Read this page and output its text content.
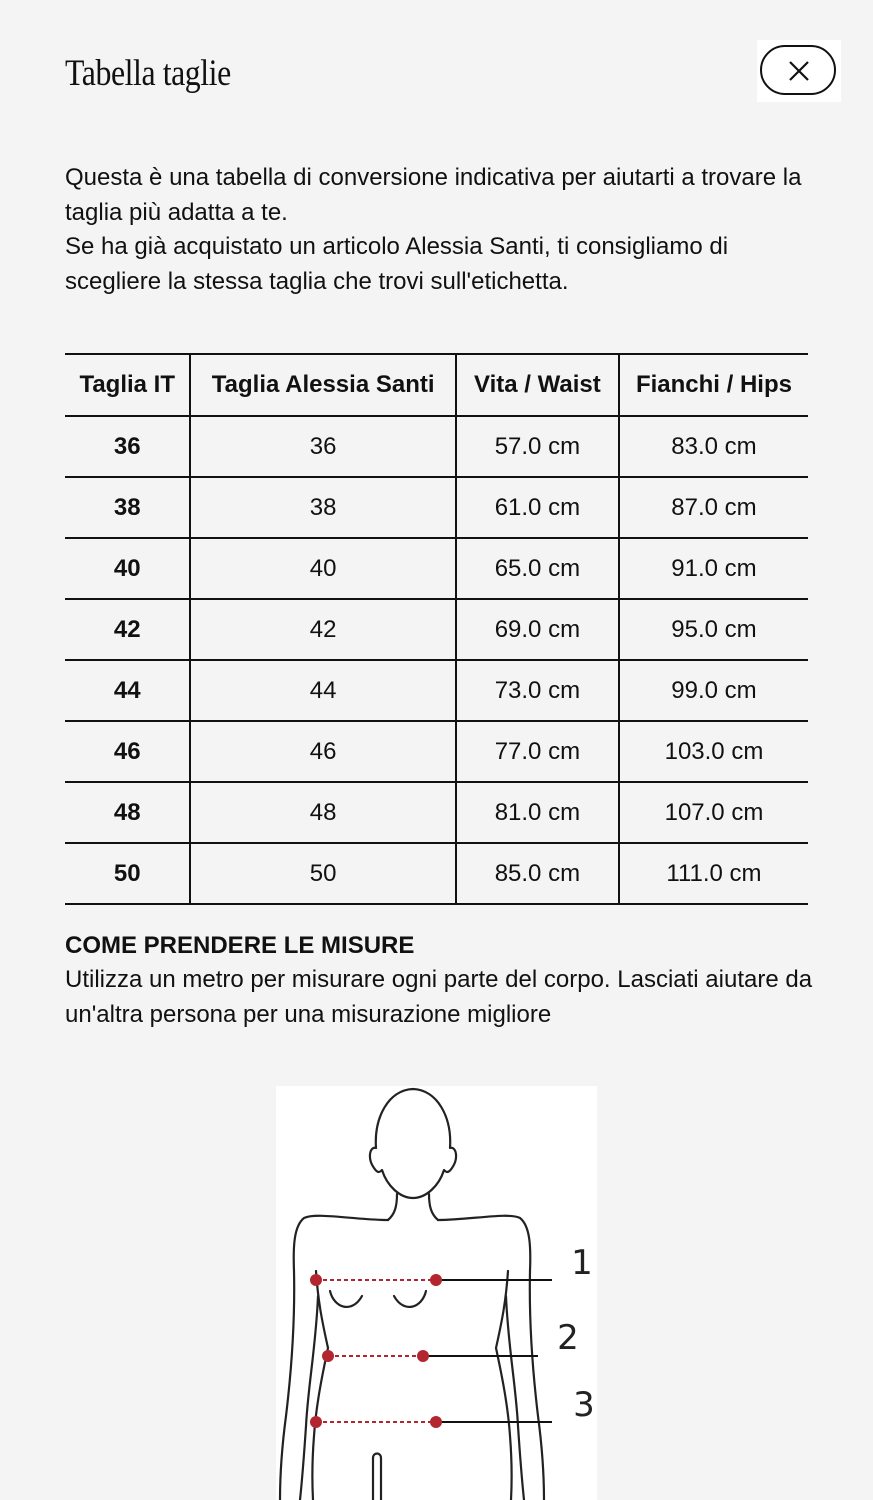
Tabella taglie

Questa è una tabella di conversione indicativa per aiutarti a trovare la taglia più adatta a te.

Se ha già acquistato un articolo Alessia Santi, ti consigliamo di scegliere la stessa taglia che trovi sull'etichetta.

Taglia IT	Taglia Alessia Santi	Vita / Waist	Fianchi / Hips
36	36	57.0 cm	83.0 cm
38	38	61.0 cm	87.0 cm
40	40	65.0 cm	91.0 cm
42	42	69.0 cm	95.0 cm
44	44	73.0 cm	99.0 cm
46	46	77.0 cm	103.0 cm
48	48	81.0 cm	107.0 cm
50	50	85.0 cm	111.0 cm
COME PRENDERE LE MISURE

Utilizza un metro per misurare ogni parte del corpo. Lasciati aiutare da un'altra persona per una misurazione migliore

1
2
3
